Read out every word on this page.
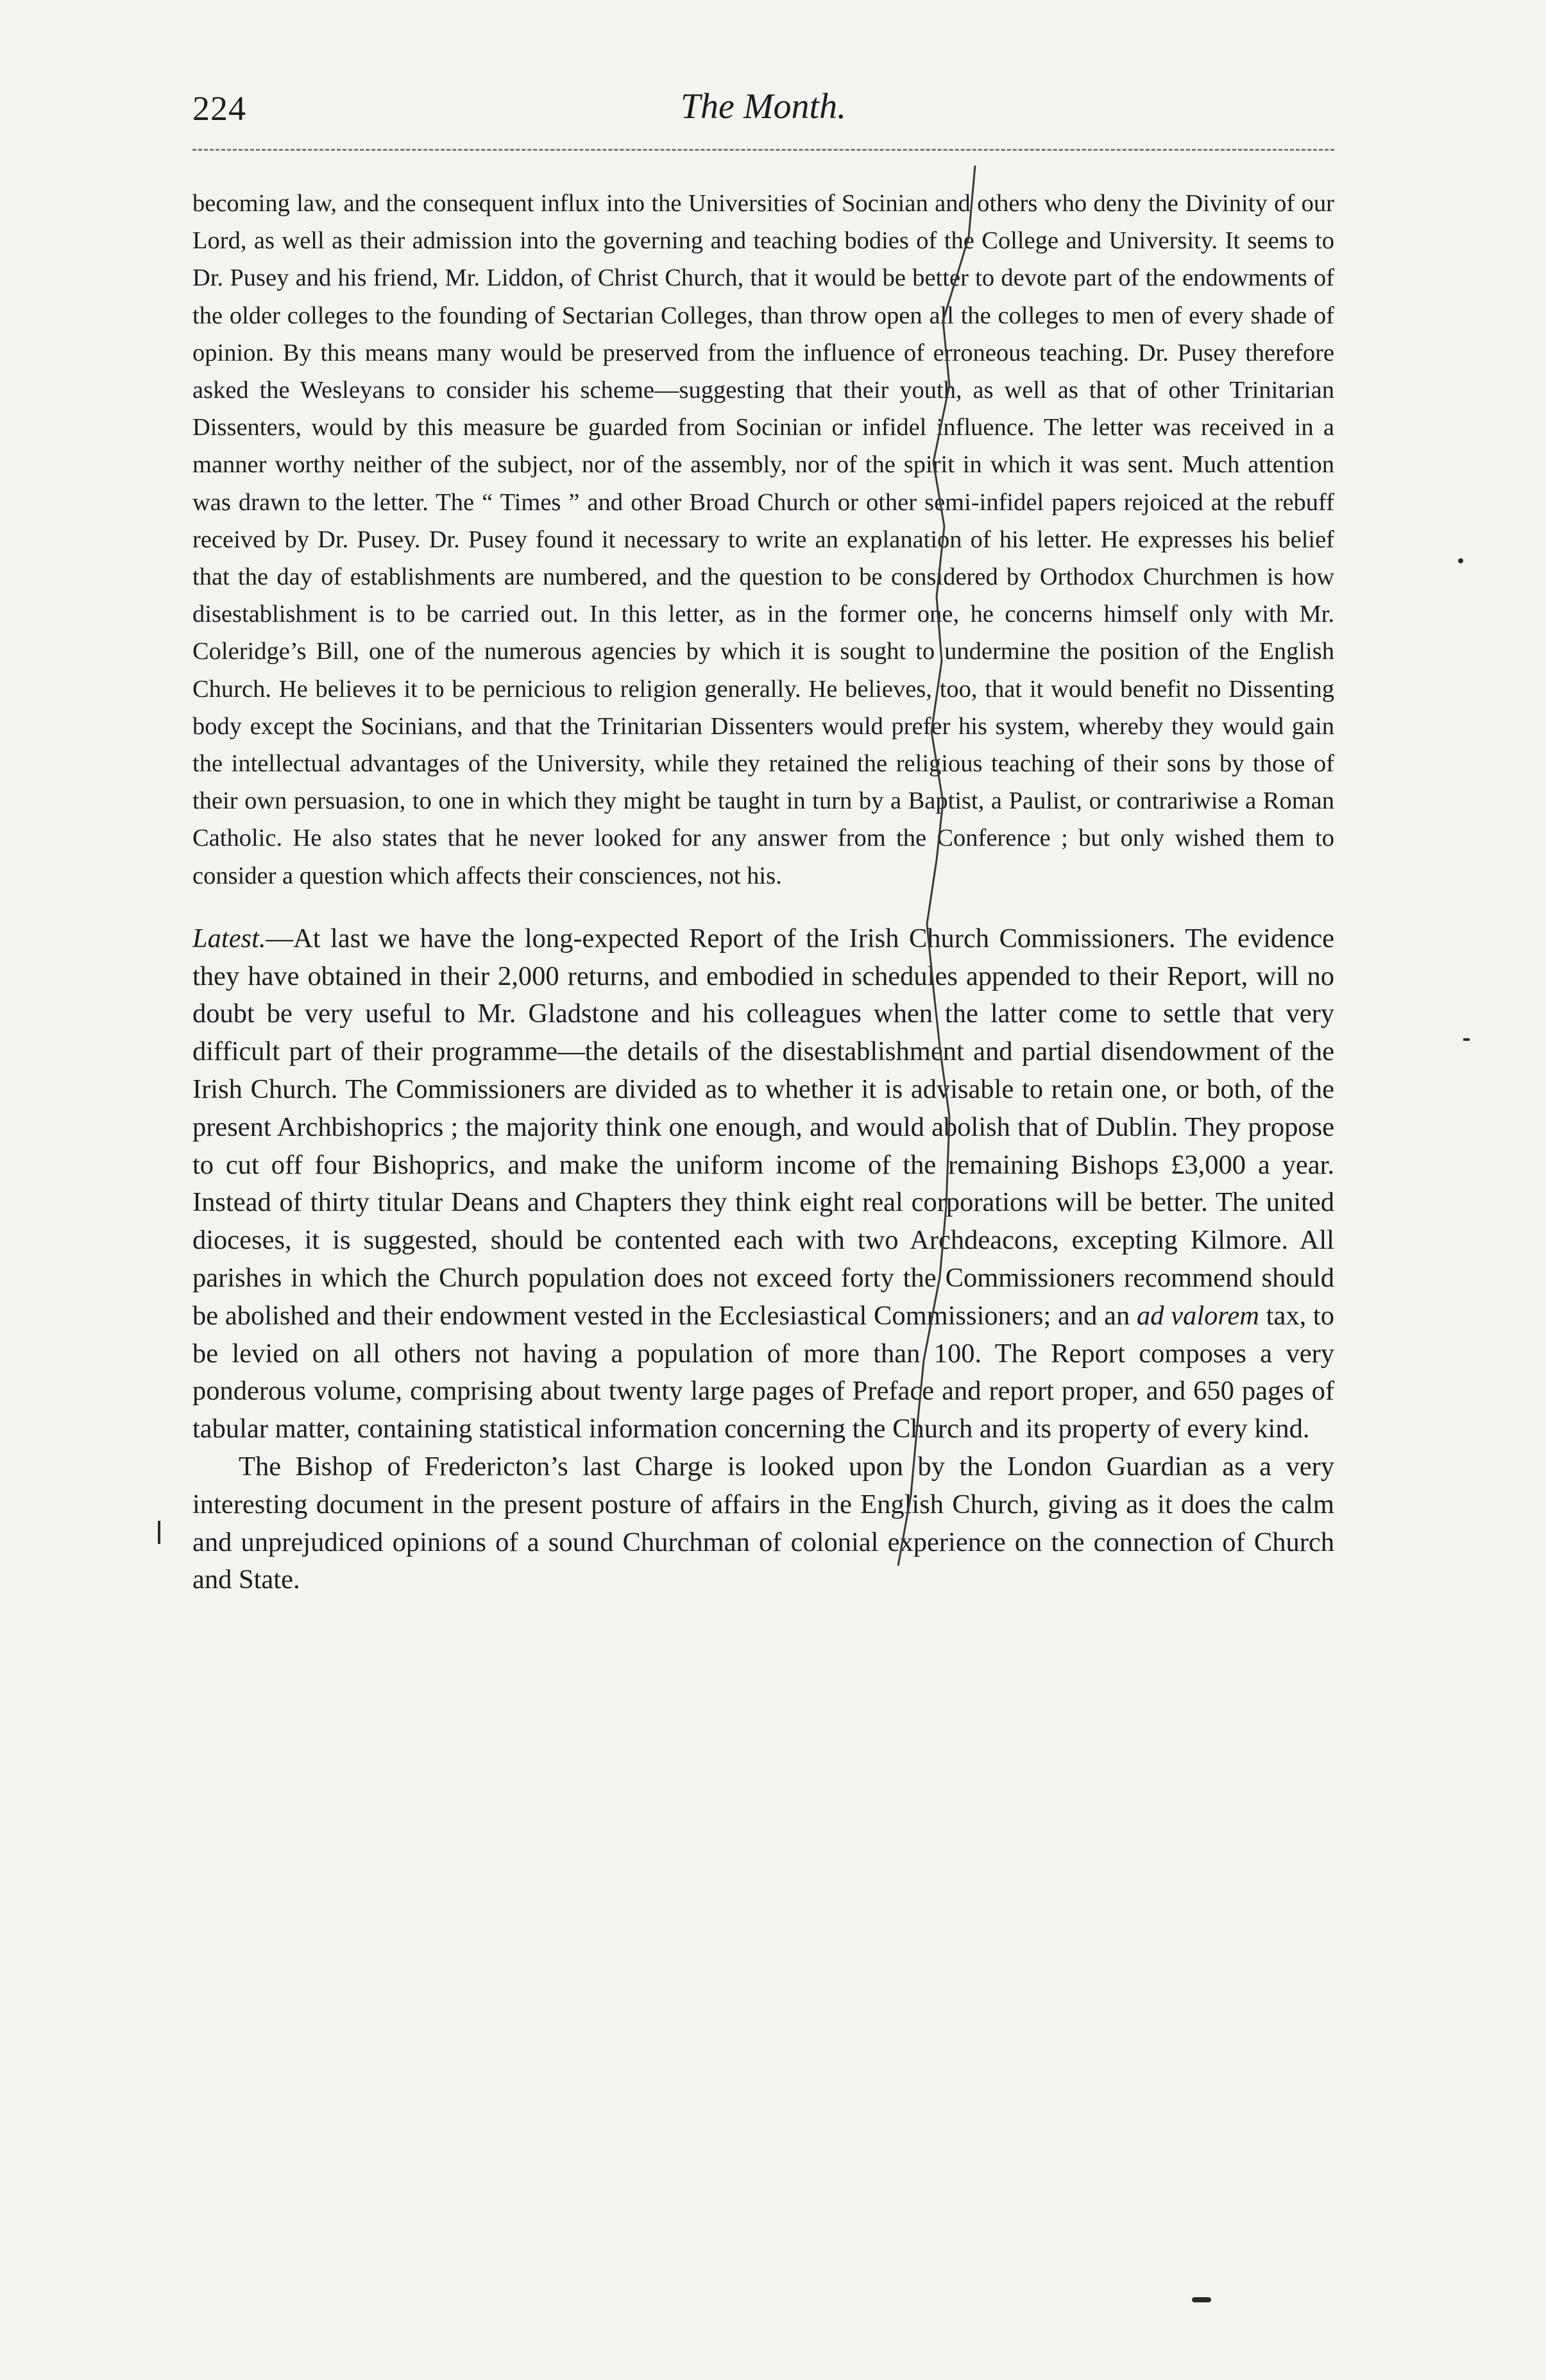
224	The Month.
becoming law, and the consequent influx into the Universities of Socinian and others who deny the Divinity of our Lord, as well as their admission into the governing and teaching bodies of the College and University. It seems to Dr. Pusey and his friend, Mr. Liddon, of Christ Church, that it would be better to devote part of the endowments of the older colleges to the founding of Sectarian Colleges, than throw open all the colleges to men of every shade of opinion. By this means many would be preserved from the influence of erroneous teaching. Dr. Pusey therefore asked the Wesleyans to consider his scheme—suggesting that their youth, as well as that of other Trinitarian Dissenters, would by this measure be guarded from Socinian or infidel influence. The letter was received in a manner worthy neither of the subject, nor of the assembly, nor of the spirit in which it was sent. Much attention was drawn to the letter. The “ Times ” and other Broad Church or other semi-infidel papers rejoiced at the rebuff received by Dr. Pusey. Dr. Pusey found it necessary to write an explanation of his letter. He expresses his belief that the day of establishments are numbered, and the question to be considered by Orthodox Churchmen is how disestablishment is to be carried out. In this letter, as in the former one, he concerns himself only with Mr. Coleridge’s Bill, one of the numerous agencies by which it is sought to undermine the position of the English Church. He believes it to be pernicious to religion generally. He believes, too, that it would benefit no Dissenting body except the Socinians, and that the Trinitarian Dissenters would prefer his system, whereby they would gain the intellectual advantages of the University, while they retained the religious teaching of their sons by those of their own persuasion, to one in which they might be taught in turn by a Baptist, a Paulist, or contrariwise a Roman Catholic. He also states that he never looked for any answer from the Conference ; but only wished them to consider a question which affects their consciences, not his.

Latest.—At last we have the long-expected Report of the Irish Church Commissioners. The evidence they have obtained in their 2,000 returns, and embodied in schedules appended to their Report, will no doubt be very useful to Mr. Gladstone and his colleagues when the latter come to settle that very difficult part of their programme—the details of the disestablishment and partial disendowment of the Irish Church. The Commissioners are divided as to whether it is advisable to retain one, or both, of the present Archbishoprics ; the majority think one enough, and would abolish that of Dublin. They propose to cut off four Bishoprics, and make the uniform income of the remaining Bishops £3,000 a year. Instead of thirty titular Deans and Chapters they think eight real corporations will be better. The united dioceses, it is suggested, should be contented each with two Archdeacons, excepting Kilmore. All parishes in which the Church population does not exceed forty the Commissioners recommend should be abolished and their endowment vested in the Ecclesiastical Commissioners; and an ad valorem tax, to be levied on all others not having a population of more than 100. The Report composes a very ponderous volume, comprising about twenty large pages of Preface and report proper, and 650 pages of tabular matter, containing statistical information concerning the Church and its property of every kind.

The Bishop of Fredericton’s last Charge is looked upon by the London Guardian as a very interesting document in the present posture of affairs in the English Church, giving as it does the calm and unprejudiced opinions of a sound Churchman of colonial experience on the connection of Church and State.
